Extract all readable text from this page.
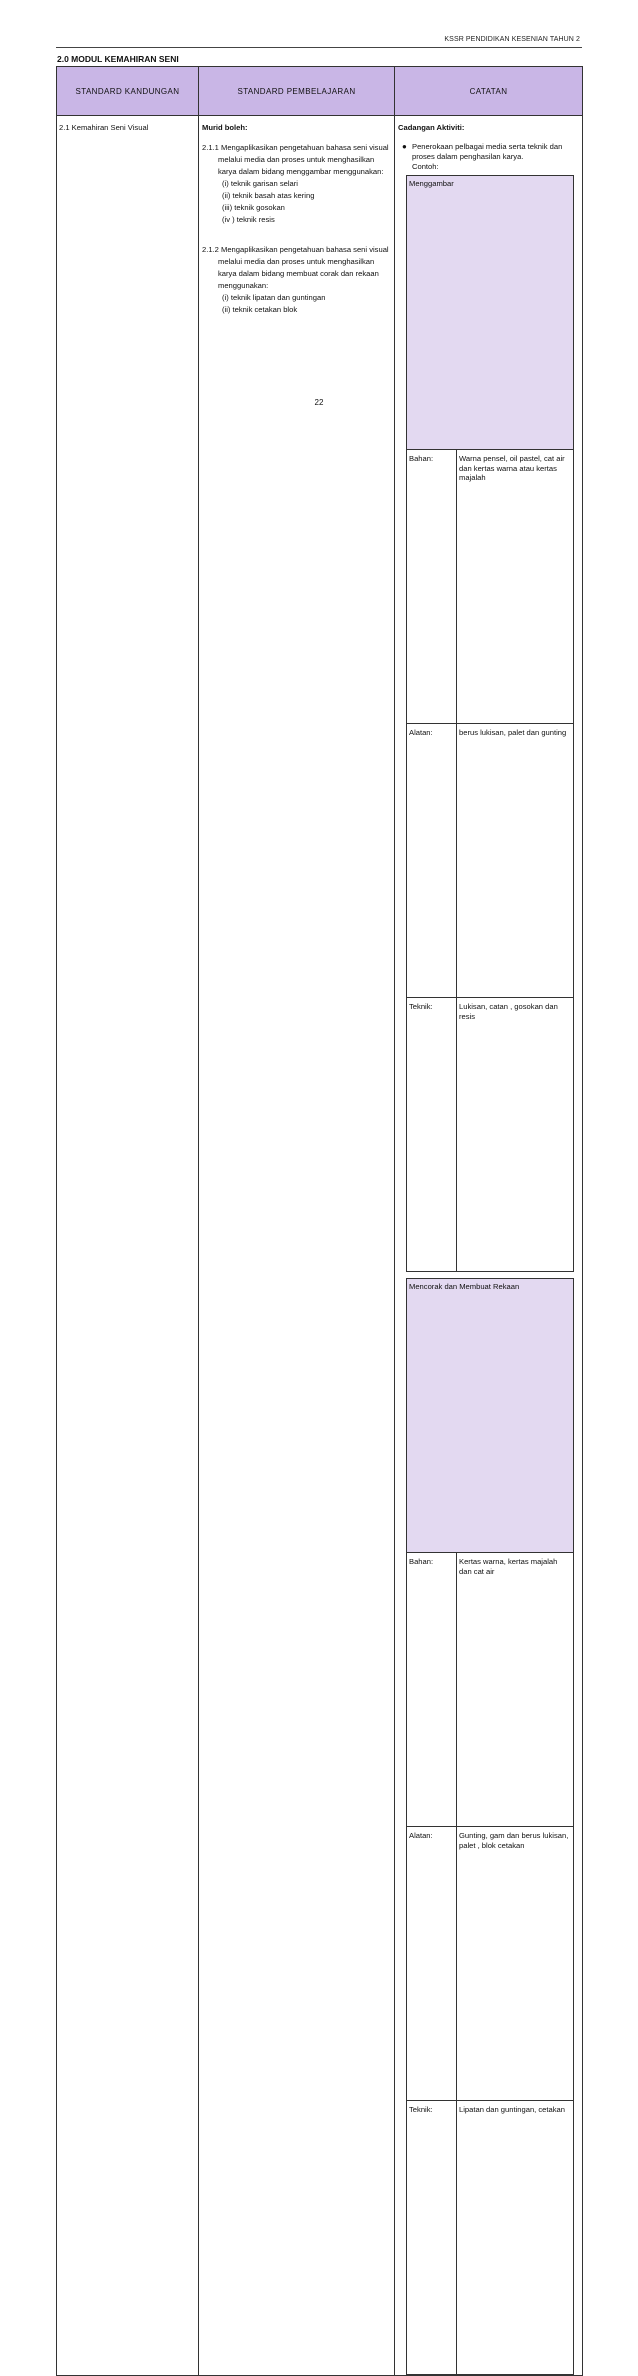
KSSR PENDIDIKAN KESENIAN TAHUN 2
2.0 MODUL KEMAHIRAN SENI
STANDARD KANDUNGAN	STANDARD PEMBELAJARAN	CATATAN

2.1 Kemahiran Seni Visual	Murid boleh:
2.1.1 Mengaplikasikan pengetahuan bahasa seni visual
melalui media dan proses untuk menghasilkan
karya dalam bidang menggambar menggunakan:
(i) teknik garisan selari
(ii) teknik basah atas kering
(iii) teknik gosokan
(iv ) teknik resis
2.1.2 Mengaplikasikan pengetahuan bahasa seni visual
melalui media dan proses untuk menghasilkan
karya dalam bidang membuat corak dan rekaan
menggunakan:
(i) teknik lipatan dan guntingan
(ii) teknik cetakan blok

Cadangan Aktiviti:
● Penerokaan pelbagai media serta teknik dan proses dalam penghasilan karya.
Contoh:
Menggambar
Bahan:	Warna pensel, oil pastel, cat air dan kertas warna atau kertas majalah
Alatan:	berus lukisan, palet dan gunting
Teknik:	Lukisan, catan , gosokan dan resis
Mencorak dan Membuat Rekaan
Bahan:	Kertas warna, kertas majalah dan cat air
Alatan:	Gunting, gam dan berus lukisan, palet , blok cetakan
Teknik:	Lipatan dan guntingan, cetakan
22
